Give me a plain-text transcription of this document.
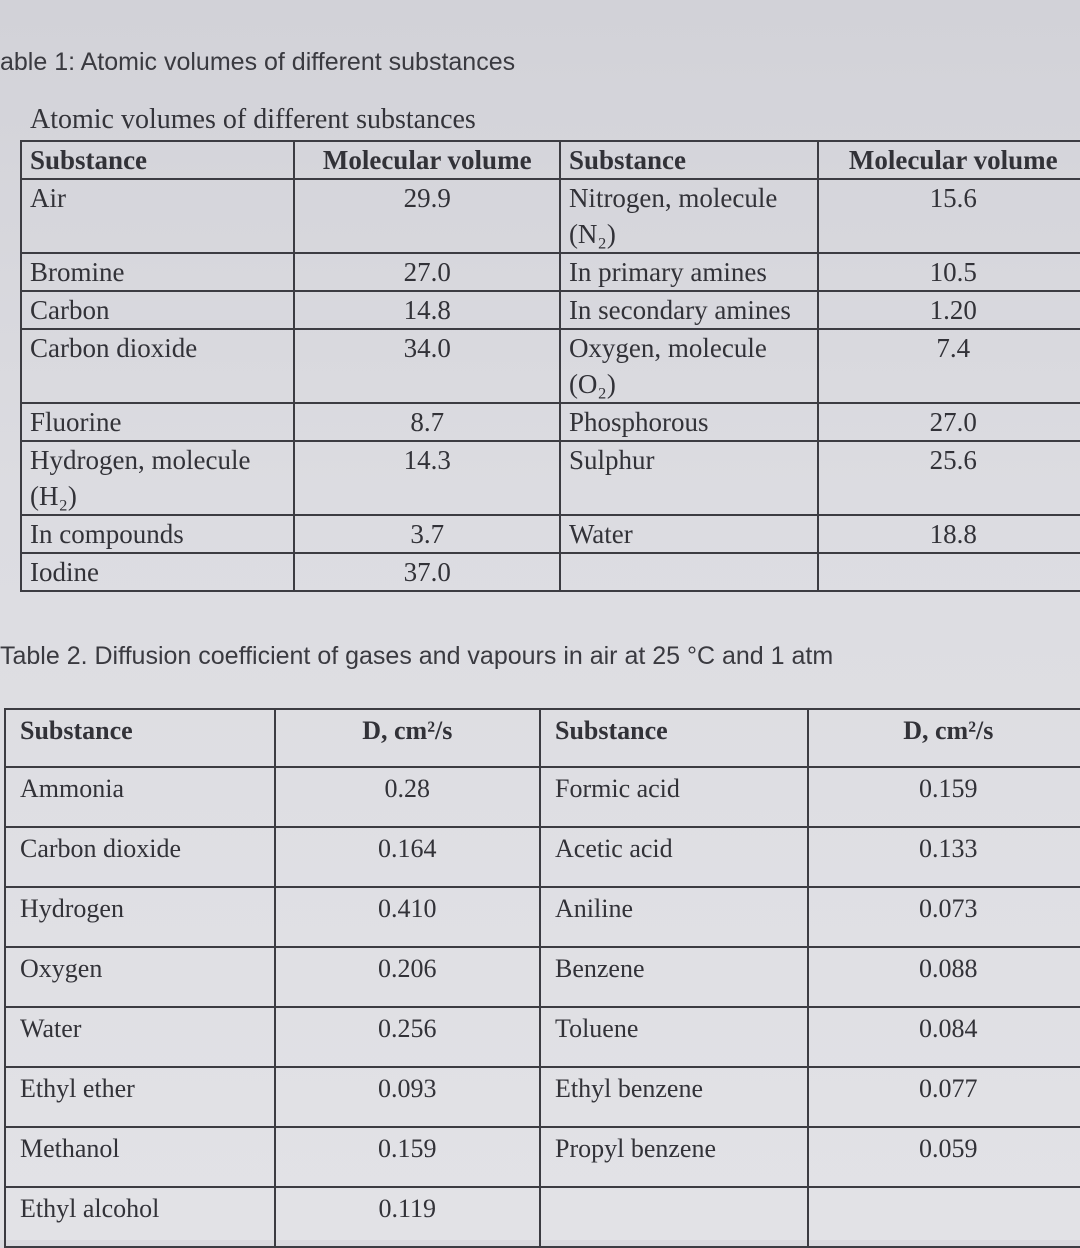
able 1: Atomic volumes of different substances
Atomic volumes of different substances
Substance	Molecular volume	Substance	Molecular volume
Air	29.9	Nitrogen, molecule (N₂)	15.6
Bromine	27.0	In primary amines	10.5
Carbon	14.8	In secondary amines	1.20
Carbon dioxide	34.0	Oxygen, molecule (O₂)	7.4
Fluorine	8.7	Phosphorous	27.0
Hydrogen, molecule (H₂)	14.3	Sulphur	25.6
In compounds	3.7	Water	18.8
Iodine	37.0		
Table 2. Diffusion coefficient of gases and vapours in air at 25 °C and 1 atm
Substance	D, cm²/s	Substance	D, cm²/s
Ammonia	0.28	Formic acid	0.159
Carbon dioxide	0.164	Acetic acid	0.133
Hydrogen	0.410	Aniline	0.073
Oxygen	0.206	Benzene	0.088
Water	0.256	Toluene	0.084
Ethyl ether	0.093	Ethyl benzene	0.077
Methanol	0.159	Propyl benzene	0.059
Ethyl alcohol	0.119		
